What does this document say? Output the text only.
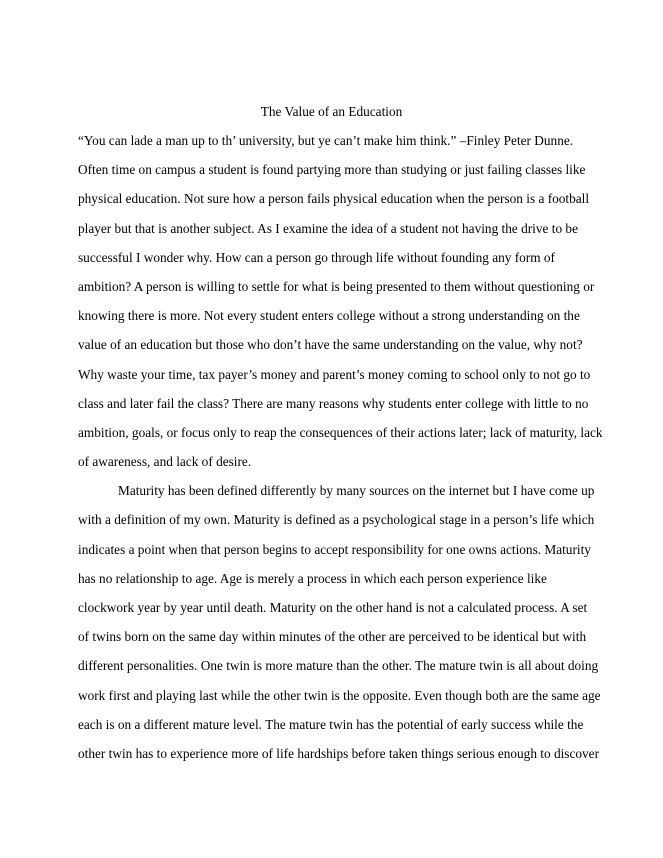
The Value of an Education
“You can lade a man up to th’ university, but ye can’t make him think.” –Finley Peter Dunne.
Often time on campus a student is found partying more than studying or just failing classes like
physical education. Not sure how a person fails physical education when the person is a football
player but that is another subject. As I examine the idea of a student not having the drive to be
successful I wonder why. How can a person go through life without founding any form of
ambition? A person is willing to settle for what is being presented to them without questioning or
knowing there is more. Not every student enters college without a strong understanding on the
value of an education but those who don’t have the same understanding on the value, why not?
Why waste your time, tax payer’s money and parent’s money coming to school only to not go to
class and later fail the class? There are many reasons why students enter college with little to no
ambition, goals, or focus only to reap the consequences of their actions later; lack of maturity, lack
of awareness, and lack of desire.
Maturity has been defined differently by many sources on the internet but I have come up
with a definition of my own. Maturity is defined as a psychological stage in a person’s life which
indicates a point when that person begins to accept responsibility for one owns actions. Maturity
has no relationship to age. Age is merely a process in which each person experience like
clockwork year by year until death. Maturity on the other hand is not a calculated process. A set
of twins born on the same day within minutes of the other are perceived to be identical but with
different personalities. One twin is more mature than the other. The mature twin is all about doing
work first and playing last while the other twin is the opposite. Even though both are the same age
each is on a different mature level. The mature twin has the potential of early success while the
other twin has to experience more of life hardships before taken things serious enough to discover
